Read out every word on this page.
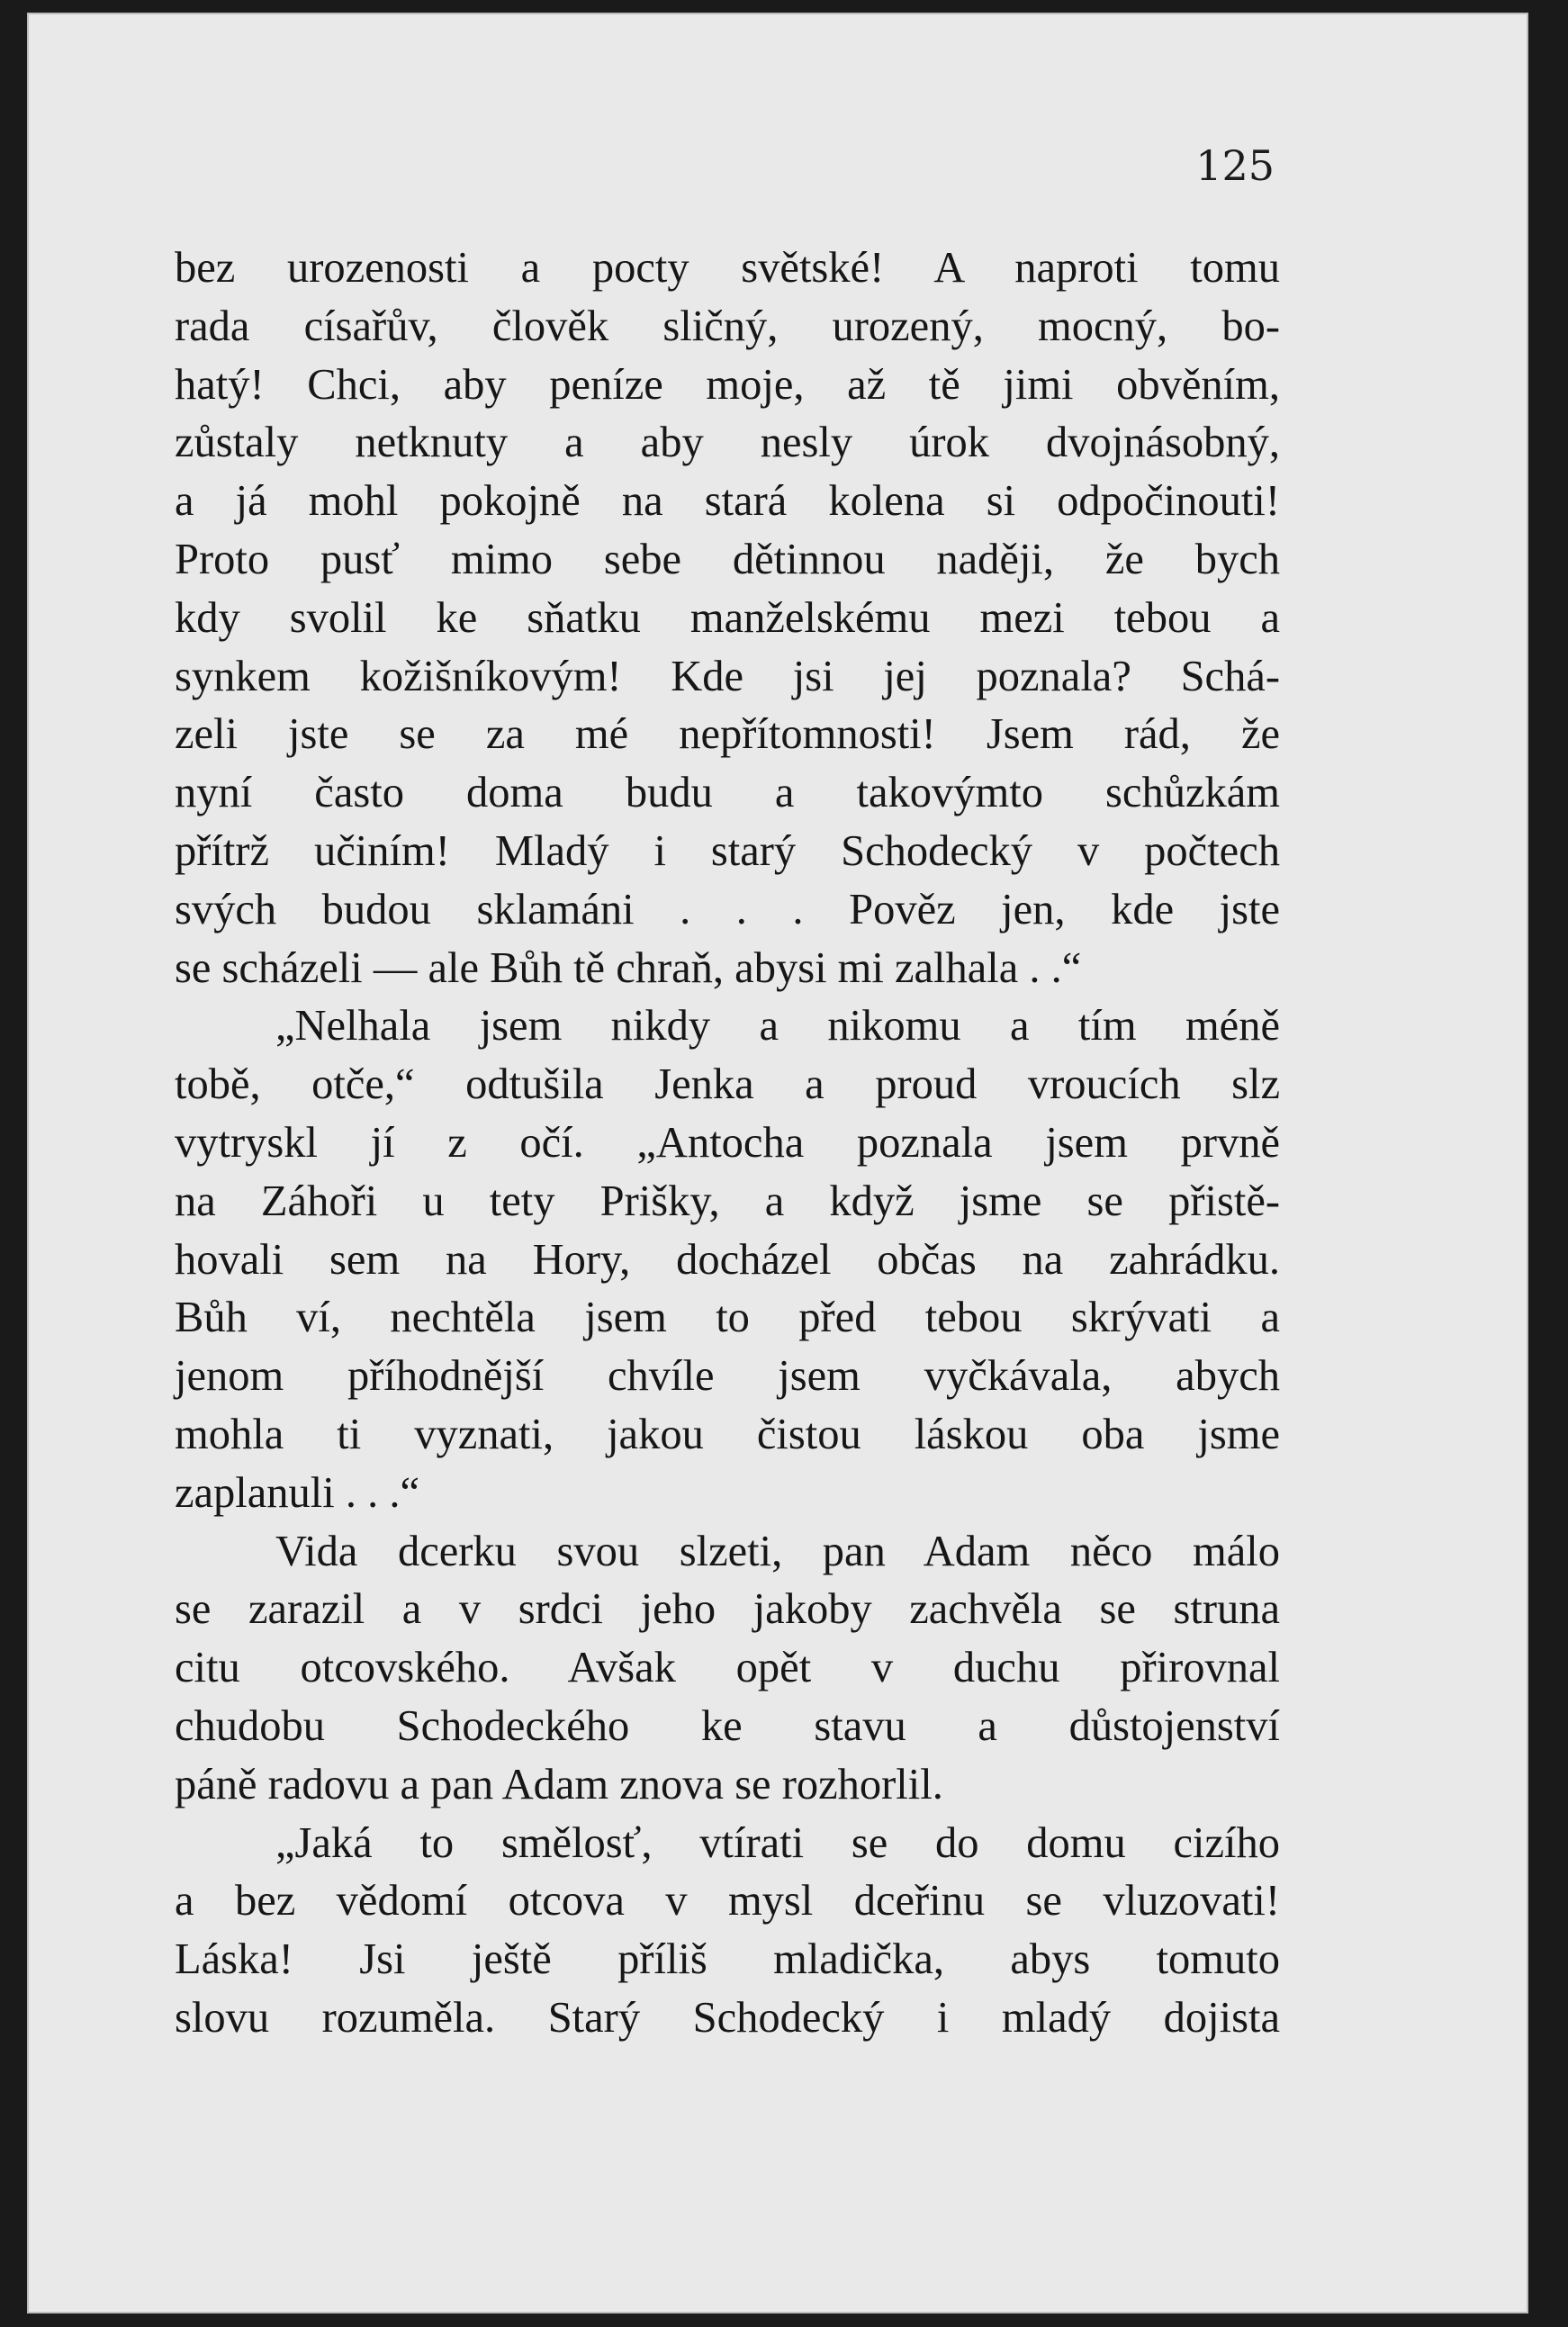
125
bez urozenosti a pocty světské! A naproti tomu
rada císařův, člověk sličný, urozený, mocný, bo-
hatý! Chci, aby peníze moje, až tě jimi obvěním,
zůstaly netknuty a aby nesly úrok dvojnásobný,
a já mohl pokojně na stará kolena si odpočinouti!
Proto pusť mimo sebe dětinnou naději, že bych
kdy svolil ke sňatku manželskému mezi tebou a
synkem kožišníkovým! Kde jsi jej poznala? Schá-
zeli jste se za mé nepřítomnosti! Jsem rád, že
nyní často doma budu a takovýmto schůzkám
přítrž učiním! Mladý i starý Schodecký v počtech
svých budou sklamáni . . . Pověz jen, kde jste
se scházeli — ale Bůh tě chraň, abysi mi zalhala . .“
„Nelhala jsem nikdy a nikomu a tím méně
tobě, otče,“ odtušila Jenka a proud vroucích slz
vytryskl jí z očí. „Antocha poznala jsem prvně
na Záhoři u tety Prišky, a když jsme se přistě-
hovali sem na Hory, docházel občas na zahrádku.
Bůh ví, nechtěla jsem to před tebou skrývati a
jenom příhodnější chvíle jsem vyčkávala, abych
mohla ti vyznati, jakou čistou láskou oba jsme
zaplanuli . . .“
Vida dcerku svou slzeti, pan Adam něco málo
se zarazil a v srdci jeho jakoby zachvěla se struna
citu otcovského. Avšak opět v duchu přirovnal
chudobu Schodeckého ke stavu a důstojenství
páně radovu a pan Adam znova se rozhorlil.
„Jaká to smělosť, vtírati se do domu cizího
a bez vědomí otcova v mysl dceřinu se vluzovati!
Láska! Jsi ještě příliš mladička, abys tomuto
slovu rozuměla. Starý Schodecký i mladý dojista
